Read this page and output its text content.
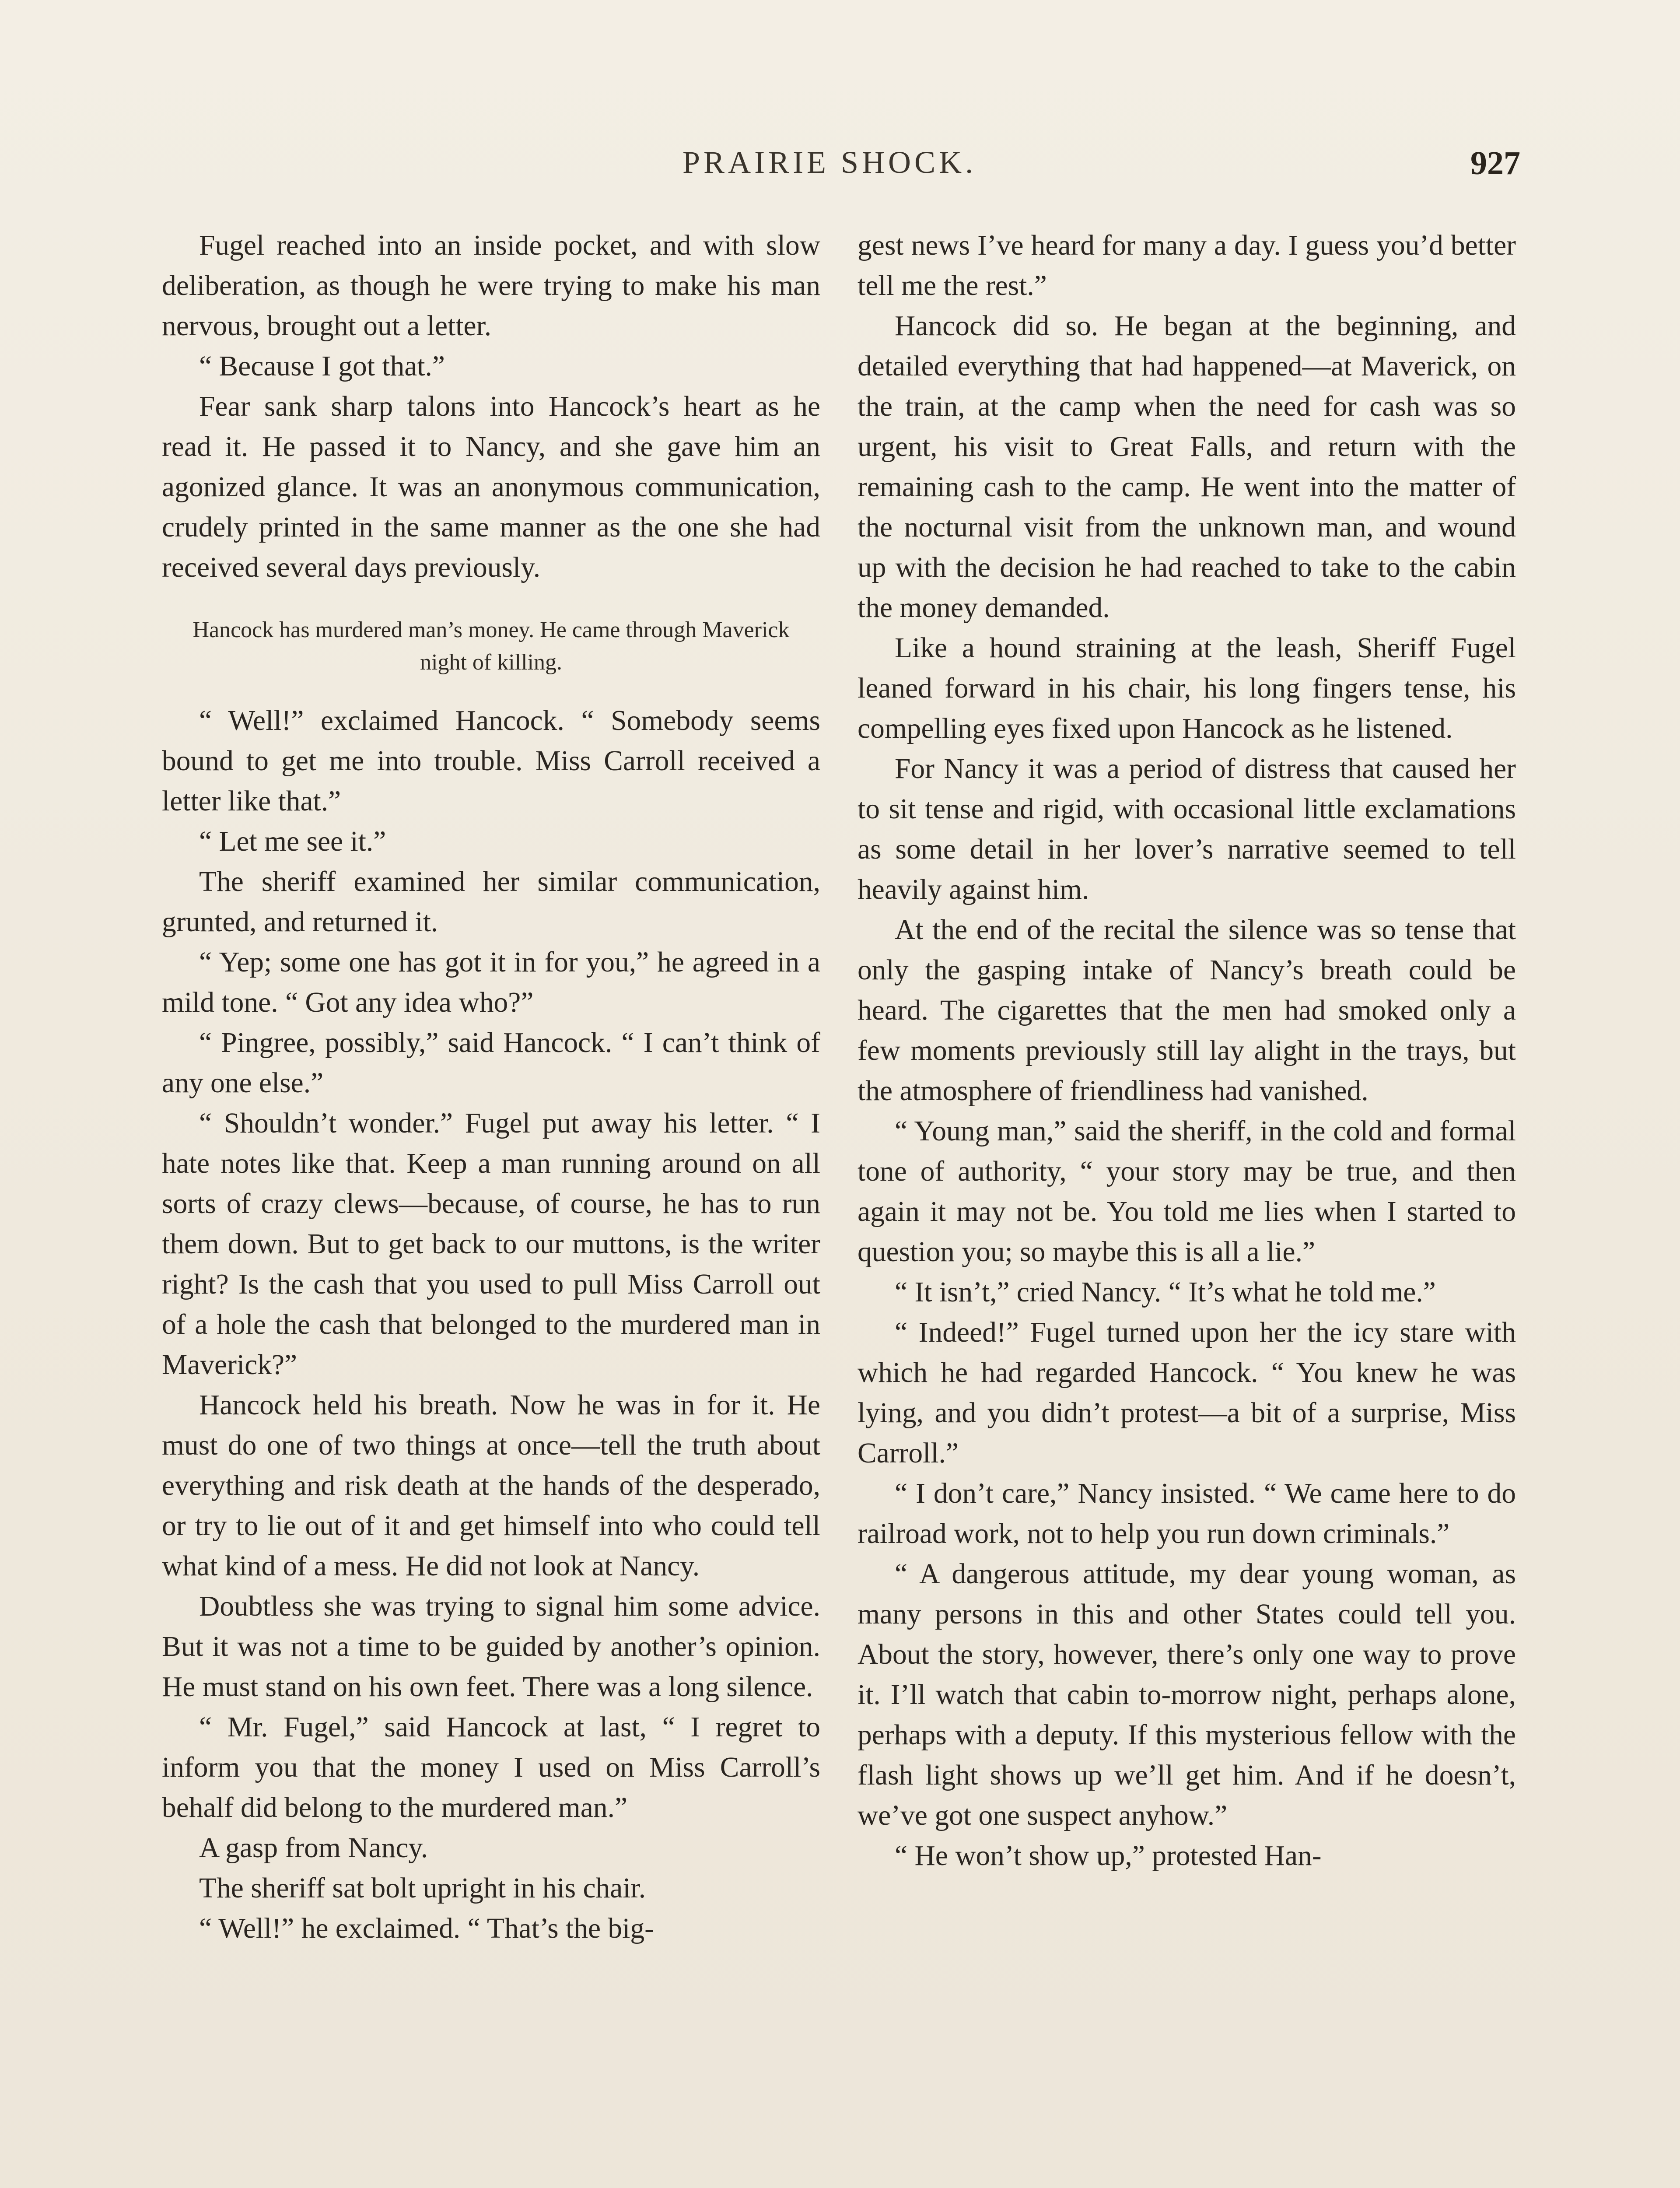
PRAIRIE SHOCK.	927

Fugel reached into an inside pocket, and with slow deliberation, as though he were trying to make his man nervous, brought out a letter.

“ Because I got that.”

Fear sank sharp talons into Hancock’s heart as he read it. He passed it to Nancy, and she gave him an agonized glance. It was an anonymous communication, crudely printed in the same manner as the one she had received several days previously.

Hancock has murdered man’s money. He came through Maverick night of killing.

“ Well!” exclaimed Hancock. “ Somebody seems bound to get me into trouble. Miss Carroll received a letter like that.”

“ Let me see it.”

The sheriff examined her similar communication, grunted, and returned it.

“ Yep; some one has got it in for you,” he agreed in a mild tone. “ Got any idea who?”

“ Pingree, possibly,” said Hancock. “ I can’t think of any one else.”

“ Shouldn’t wonder.” Fugel put away his letter. “ I hate notes like that. Keep a man running around on all sorts of crazy clews—because, of course, he has to run them down. But to get back to our muttons, is the writer right? Is the cash that you used to pull Miss Carroll out of a hole the cash that belonged to the murdered man in Maverick?”

Hancock held his breath. Now he was in for it. He must do one of two things at once—tell the truth about everything and risk death at the hands of the desperado, or try to lie out of it and get himself into who could tell what kind of a mess. He did not look at Nancy.

Doubtless she was trying to signal him some advice. But it was not a time to be guided by another’s opinion. He must stand on his own feet. There was a long silence.

“ Mr. Fugel,” said Hancock at last, “ I regret to inform you that the money I used on Miss Carroll’s behalf did belong to the murdered man.”

A gasp from Nancy.

The sheriff sat bolt upright in his chair.

“ Well!” he exclaimed. “ That’s the big-

gest news I’ve heard for many a day. I guess you’d better tell me the rest.”

Hancock did so. He began at the beginning, and detailed everything that had happened—at Maverick, on the train, at the camp when the need for cash was so urgent, his visit to Great Falls, and return with the remaining cash to the camp. He went into the matter of the nocturnal visit from the unknown man, and wound up with the decision he had reached to take to the cabin the money demanded.

Like a hound straining at the leash, Sheriff Fugel leaned forward in his chair, his long fingers tense, his compelling eyes fixed upon Hancock as he listened.

For Nancy it was a period of distress that caused her to sit tense and rigid, with occasional little exclamations as some detail in her lover’s narrative seemed to tell heavily against him.

At the end of the recital the silence was so tense that only the gasping intake of Nancy’s breath could be heard. The cigarettes that the men had smoked only a few moments previously still lay alight in the trays, but the atmosphere of friendliness had vanished.

“ Young man,” said the sheriff, in the cold and formal tone of authority, “ your story may be true, and then again it may not be. You told me lies when I started to question you; so maybe this is all a lie.”

“ It isn’t,” cried Nancy. “ It’s what he told me.”

“ Indeed!” Fugel turned upon her the icy stare with which he had regarded Hancock. “ You knew he was lying, and you didn’t protest—a bit of a surprise, Miss Carroll.”

“ I don’t care,” Nancy insisted. “ We came here to do railroad work, not to help you run down criminals.”

“ A dangerous attitude, my dear young woman, as many persons in this and other States could tell you. About the story, however, there’s only one way to prove it. I’ll watch that cabin to-morrow night, perhaps alone, perhaps with a deputy. If this mysterious fellow with the flash light shows up we’ll get him. And if he doesn’t, we’ve got one suspect anyhow.”

“ He won’t show up,” protested Han-
